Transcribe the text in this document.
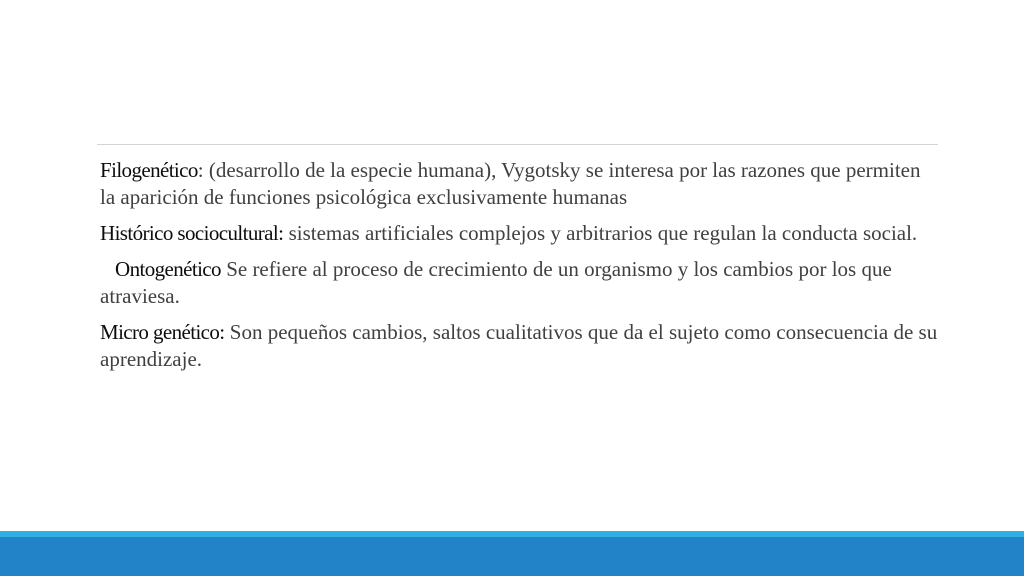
Filogenético: (desarrollo de la especie humana), Vygotsky se interesa por las razones que permiten la aparición de funciones psicológica exclusivamente humanas

Histórico sociocultural: sistemas artificiales complejos y arbitrarios que regulan la conducta social.

Ontogenético Se refiere al proceso de crecimiento de un organismo y los cambios por los que atraviesa.

Micro genético: Son pequeños cambios, saltos cualitativos que da el sujeto como consecuencia de su aprendizaje.
